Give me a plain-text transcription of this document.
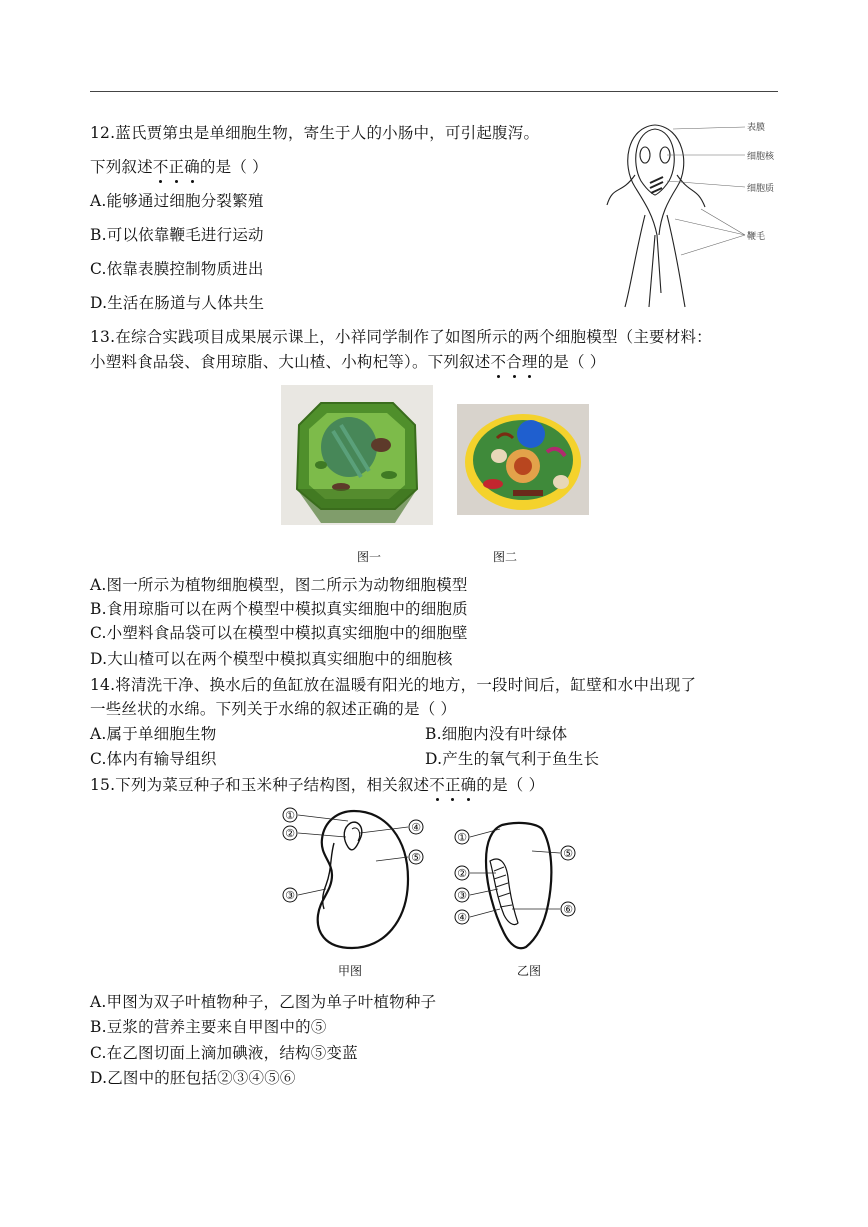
12.蓝氏贾第虫是单细胞生物，寄生于人的小肠中，可引起腹泻。
下列叙述不正确的是（ ）
A.能够通过细胞分裂繁殖
B.可以依靠鞭毛进行运动
C.依靠表膜控制物质进出
D.生活在肠道与人体共生
表膜
细胞核
细胞质
鞭毛
13.在综合实践项目成果展示课上，小祥同学制作了如图所示的两个细胞模型（主要材料：
小塑料食品袋、食用琼脂、大山楂、小枸杞等）。下列叙述不合理的是（ ）
图一	图二
A.图一所示为植物细胞模型，图二所示为动物细胞模型
B.食用琼脂可以在两个模型中模拟真实细胞中的细胞质
C.小塑料食品袋可以在模型中模拟真实细胞中的细胞壁
D.大山楂可以在两个模型中模拟真实细胞中的细胞核
14.将清洗干净、换水后的鱼缸放在温暖有阳光的地方，一段时间后，缸壁和水中出现了
一些丝状的水绵。下列关于水绵的叙述正确的是（ ）
A.属于单细胞生物	B.细胞内没有叶绿体
C.体内有输导组织	D.产生的氧气利于鱼生长
15.下列为菜豆种子和玉米种子结构图，相关叙述不正确的是（ ）
①
②	④
⑤
③
①
⑤
②
③
④
⑥
甲图	乙图
A.甲图为双子叶植物种子，乙图为单子叶植物种子
B.豆浆的营养主要来自甲图中的⑤
C.在乙图切面上滴加碘液，结构⑤变蓝
D.乙图中的胚包括②③④⑤⑥
